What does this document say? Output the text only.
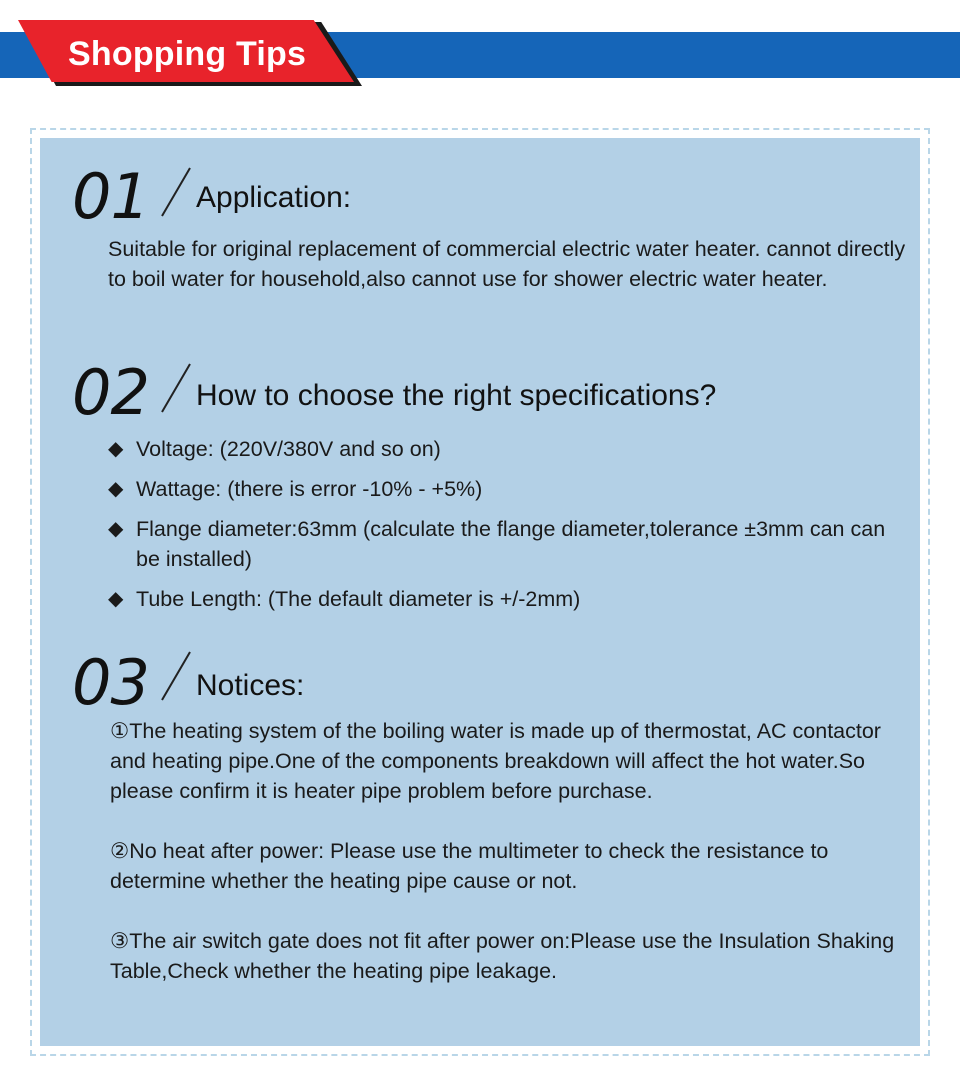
Shopping Tips
01 Application:
Suitable for original replacement of commercial electric water heater. cannot directly to boil water for household,also cannot use for shower electric water heater.
02 How to choose the right specifications?
◆ Voltage: (220V/380V and so on)
◆ Wattage: (there is error -10% - +5%)
◆ Flange diameter:63mm (calculate the flange diameter,tolerance ±3mm can can be installed)
◆ Tube Length: (The default diameter is +/-2mm)
03 Notices:

①The heating system of the boiling water is made up of thermostat, AC contactor and heating pipe.One of the components breakdown will affect the hot water.So please confirm it is heater pipe problem before purchase.

②No heat after power: Please use the multimeter to check the resistance to determine whether the heating pipe cause or not.

③The air switch gate does not fit after power on:Please use the Insulation Shaking Table,Check whether the heating pipe leakage.
